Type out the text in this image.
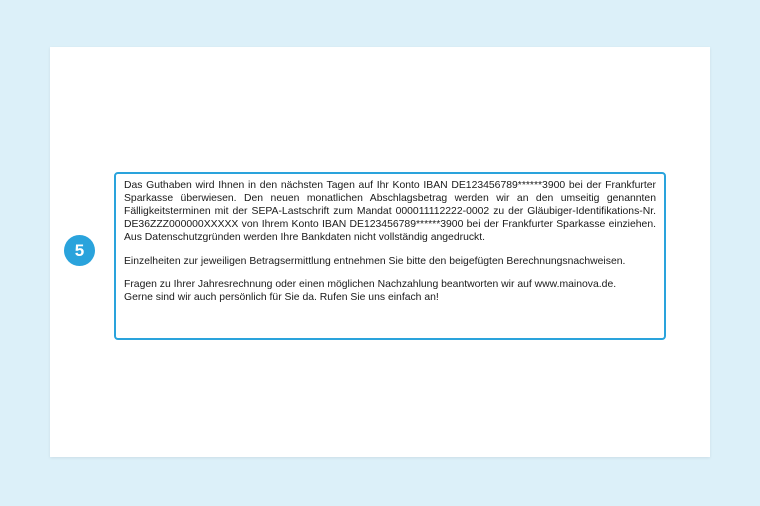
5

Das Guthaben wird Ihnen in den nächsten Tagen auf Ihr Konto IBAN DE123456789******3900 bei der Frankfurter Sparkasse überwiesen. Den neuen monatlichen Abschlagsbetrag werden wir an den umseitig genannten Fälligkeitsterminen mit der SEPA-Lastschrift zum Mandat 000011112222-0002 zu der Gläubiger-Identifikations-Nr. DE36ZZZ000000XXXXX von Ihrem Konto IBAN DE123456789******3900 bei der Frankfurter Sparkasse einziehen. Aus Datenschutzgründen werden Ihre Bankdaten nicht vollständig angedruckt.

Einzelheiten zur jeweiligen Betragsermittlung entnehmen Sie bitte den beigefügten Berechnungsnachweisen.

Fragen zu Ihrer Jahresrechnung oder einen möglichen Nachzahlung beantworten wir auf www.mainova.de.
Gerne sind wir auch persönlich für Sie da. Rufen Sie uns einfach an!
